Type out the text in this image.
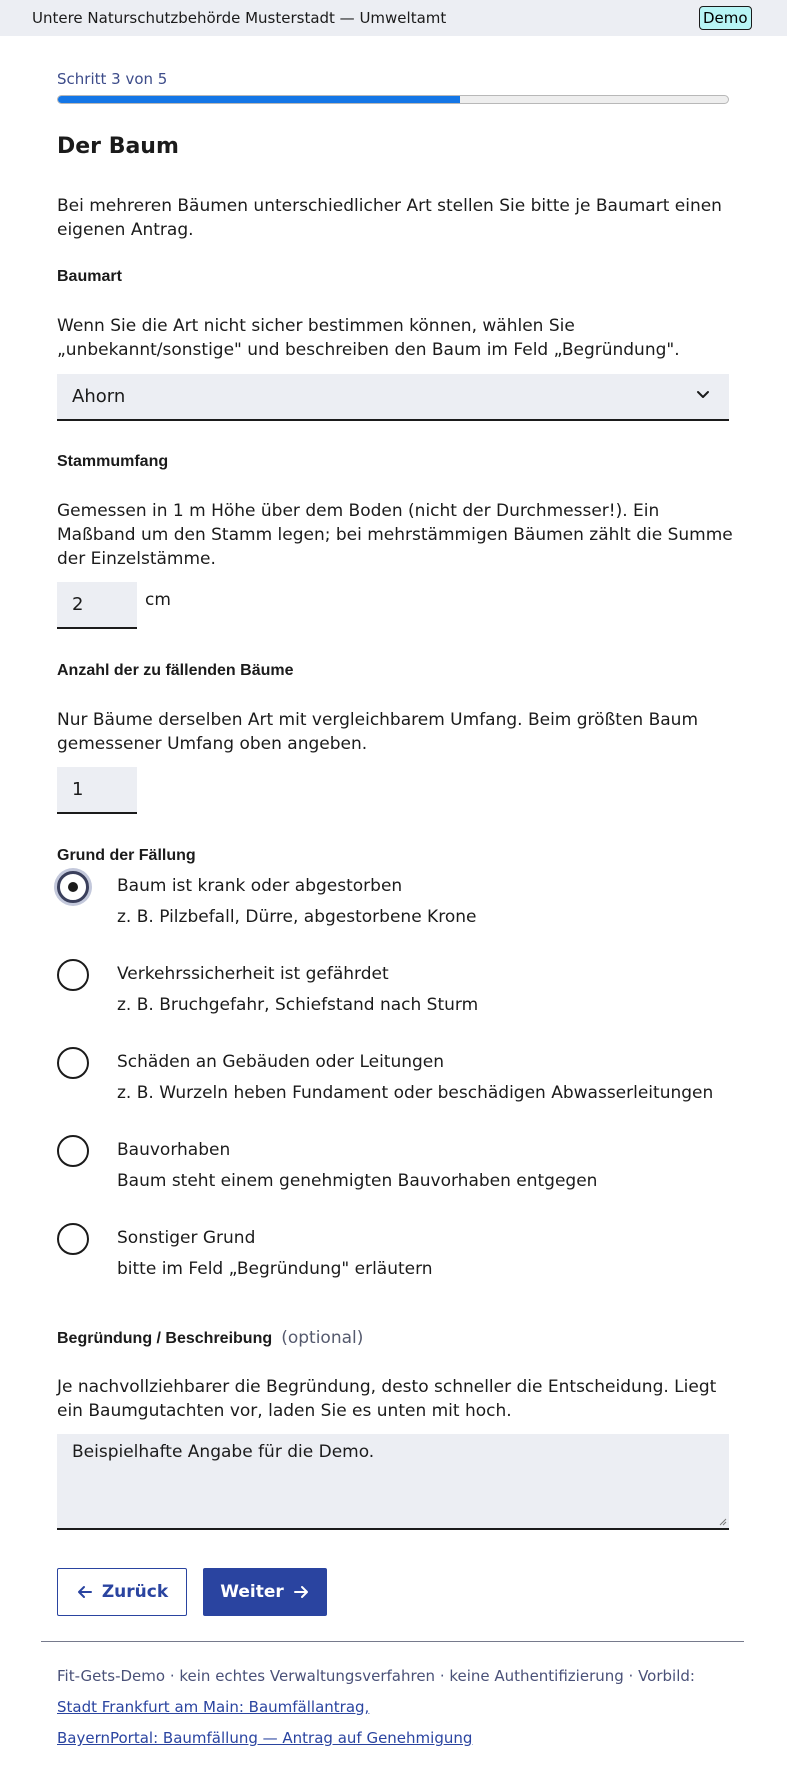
Untere Naturschutzbehörde Musterstadt — Umweltamt	Demo
Schritt 3 von 5
Der Baum
Bei mehreren Bäumen unterschiedlicher Art stellen Sie bitte je Baumart einen eigenen Antrag.
Baumart
Wenn Sie die Art nicht sicher bestimmen können, wählen Sie „unbekannt/sonstige" und beschreiben den Baum im Feld „Begründung".
Ahorn
Stammumfang
Gemessen in 1 m Höhe über dem Boden (nicht der Durchmesser!). Ein Maßband um den Stamm legen; bei mehrstämmigen Bäumen zählt die Summe der Einzelstämme.
2	cm
Anzahl der zu fällenden Bäume
Nur Bäume derselben Art mit vergleichbarem Umfang. Beim größten Baum gemessener Umfang oben angeben.
1
Grund der Fällung
Baum ist krank oder abgestorben
z. B. Pilzbefall, Dürre, abgestorbene Krone
Verkehrssicherheit ist gefährdet
z. B. Bruchgefahr, Schiefstand nach Sturm
Schäden an Gebäuden oder Leitungen
z. B. Wurzeln heben Fundament oder beschädigen Abwasserleitungen
Bauvorhaben
Baum steht einem genehmigten Bauvorhaben entgegen
Sonstiger Grund
bitte im Feld „Begründung" erläutern
Begründung / Beschreibung (optional)
Je nachvollziehbarer die Begründung, desto schneller die Entscheidung. Liegt ein Baumgutachten vor, laden Sie es unten mit hoch.
Beispielhafte Angabe für die Demo.
Zurück	Weiter
Fit-Gets-Demo · kein echtes Verwaltungsverfahren · keine Authentifizierung · Vorbild:
Stadt Frankfurt am Main: Baumfällantrag,
BayernPortal: Baumfällung — Antrag auf Genehmigung
